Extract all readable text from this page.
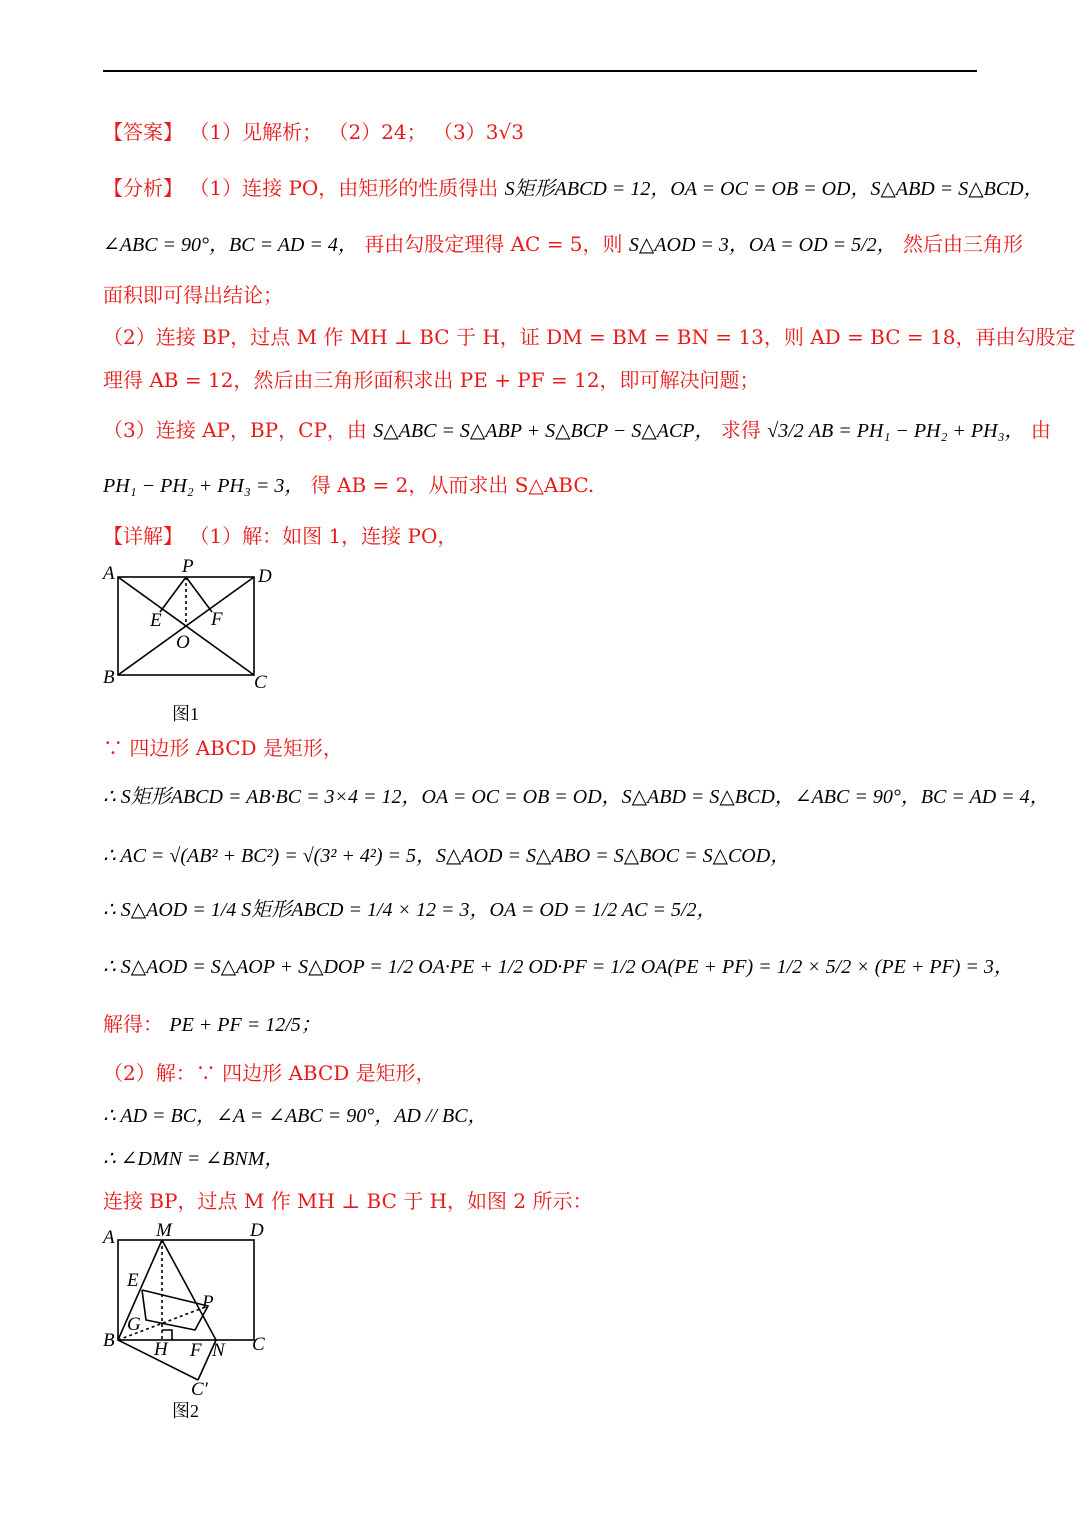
【答案】 （1）见解析； （2）24； （3）3√3
【分析】 （1）连接 PO，由矩形的性质得出 S矩形ABCD = 12，OA = OC = OB = OD，S△ABD = S△BCD，
∠ABC = 90°，BC = AD = 4， 再由勾股定理得 AC = 5，则 S△AOD = 3，OA = OD = 5/2， 然后由三角形
面积即可得出结论；
（2）连接 BP，过点 M 作 MH ⊥ BC 于 H，证 DM = BM = BN = 13，则 AD = BC = 18，再由勾股定
理得 AB = 12，然后由三角形面积求出 PE + PF = 12，即可解决问题；
（3）连接 AP，BP，CP，由 S△ABC = S△ABP + S△BCP − S△ACP， 求得 √3/2 AB = PH₁ − PH₂ + PH₃， 由
PH₁ − PH₂ + PH₃ = 3， 得 AB = 2，从而求出 S△ABC.
【详解】 （1）解：如图 1，连接 PO，
A	P	D
E	F
O
B	C
图1
∵ 四边形 ABCD 是矩形，
∴ S矩形ABCD = AB·BC = 3×4 = 12，OA = OC = OB = OD，S△ABD = S△BCD，∠ABC = 90°，BC = AD = 4，
∴ AC = √(AB² + BC²) = √(3² + 4²) = 5，S△AOD = S△ABO = S△BOC = S△COD，
∴ S△AOD = 1/4 S矩形ABCD = 1/4 × 12 = 3，OA = OD = 1/2 AC = 5/2，
∴ S△AOD = S△AOP + S△DOP = 1/2 OA·PE + 1/2 OD·PF = 1/2 OA(PE + PF) = 1/2 × 5/2 × (PE + PF) = 3，
解得： PE + PF = 12/5；
（2）解：∵ 四边形 ABCD 是矩形，
∴ AD = BC，∠A = ∠ABC = 90°，AD // BC，
∴ ∠DMN = ∠BNM，
连接 BP，过点 M 作 MH ⊥ BC 于 H，如图 2 所示：
A M	D
E
P
G
B H F N C
C′
图2
